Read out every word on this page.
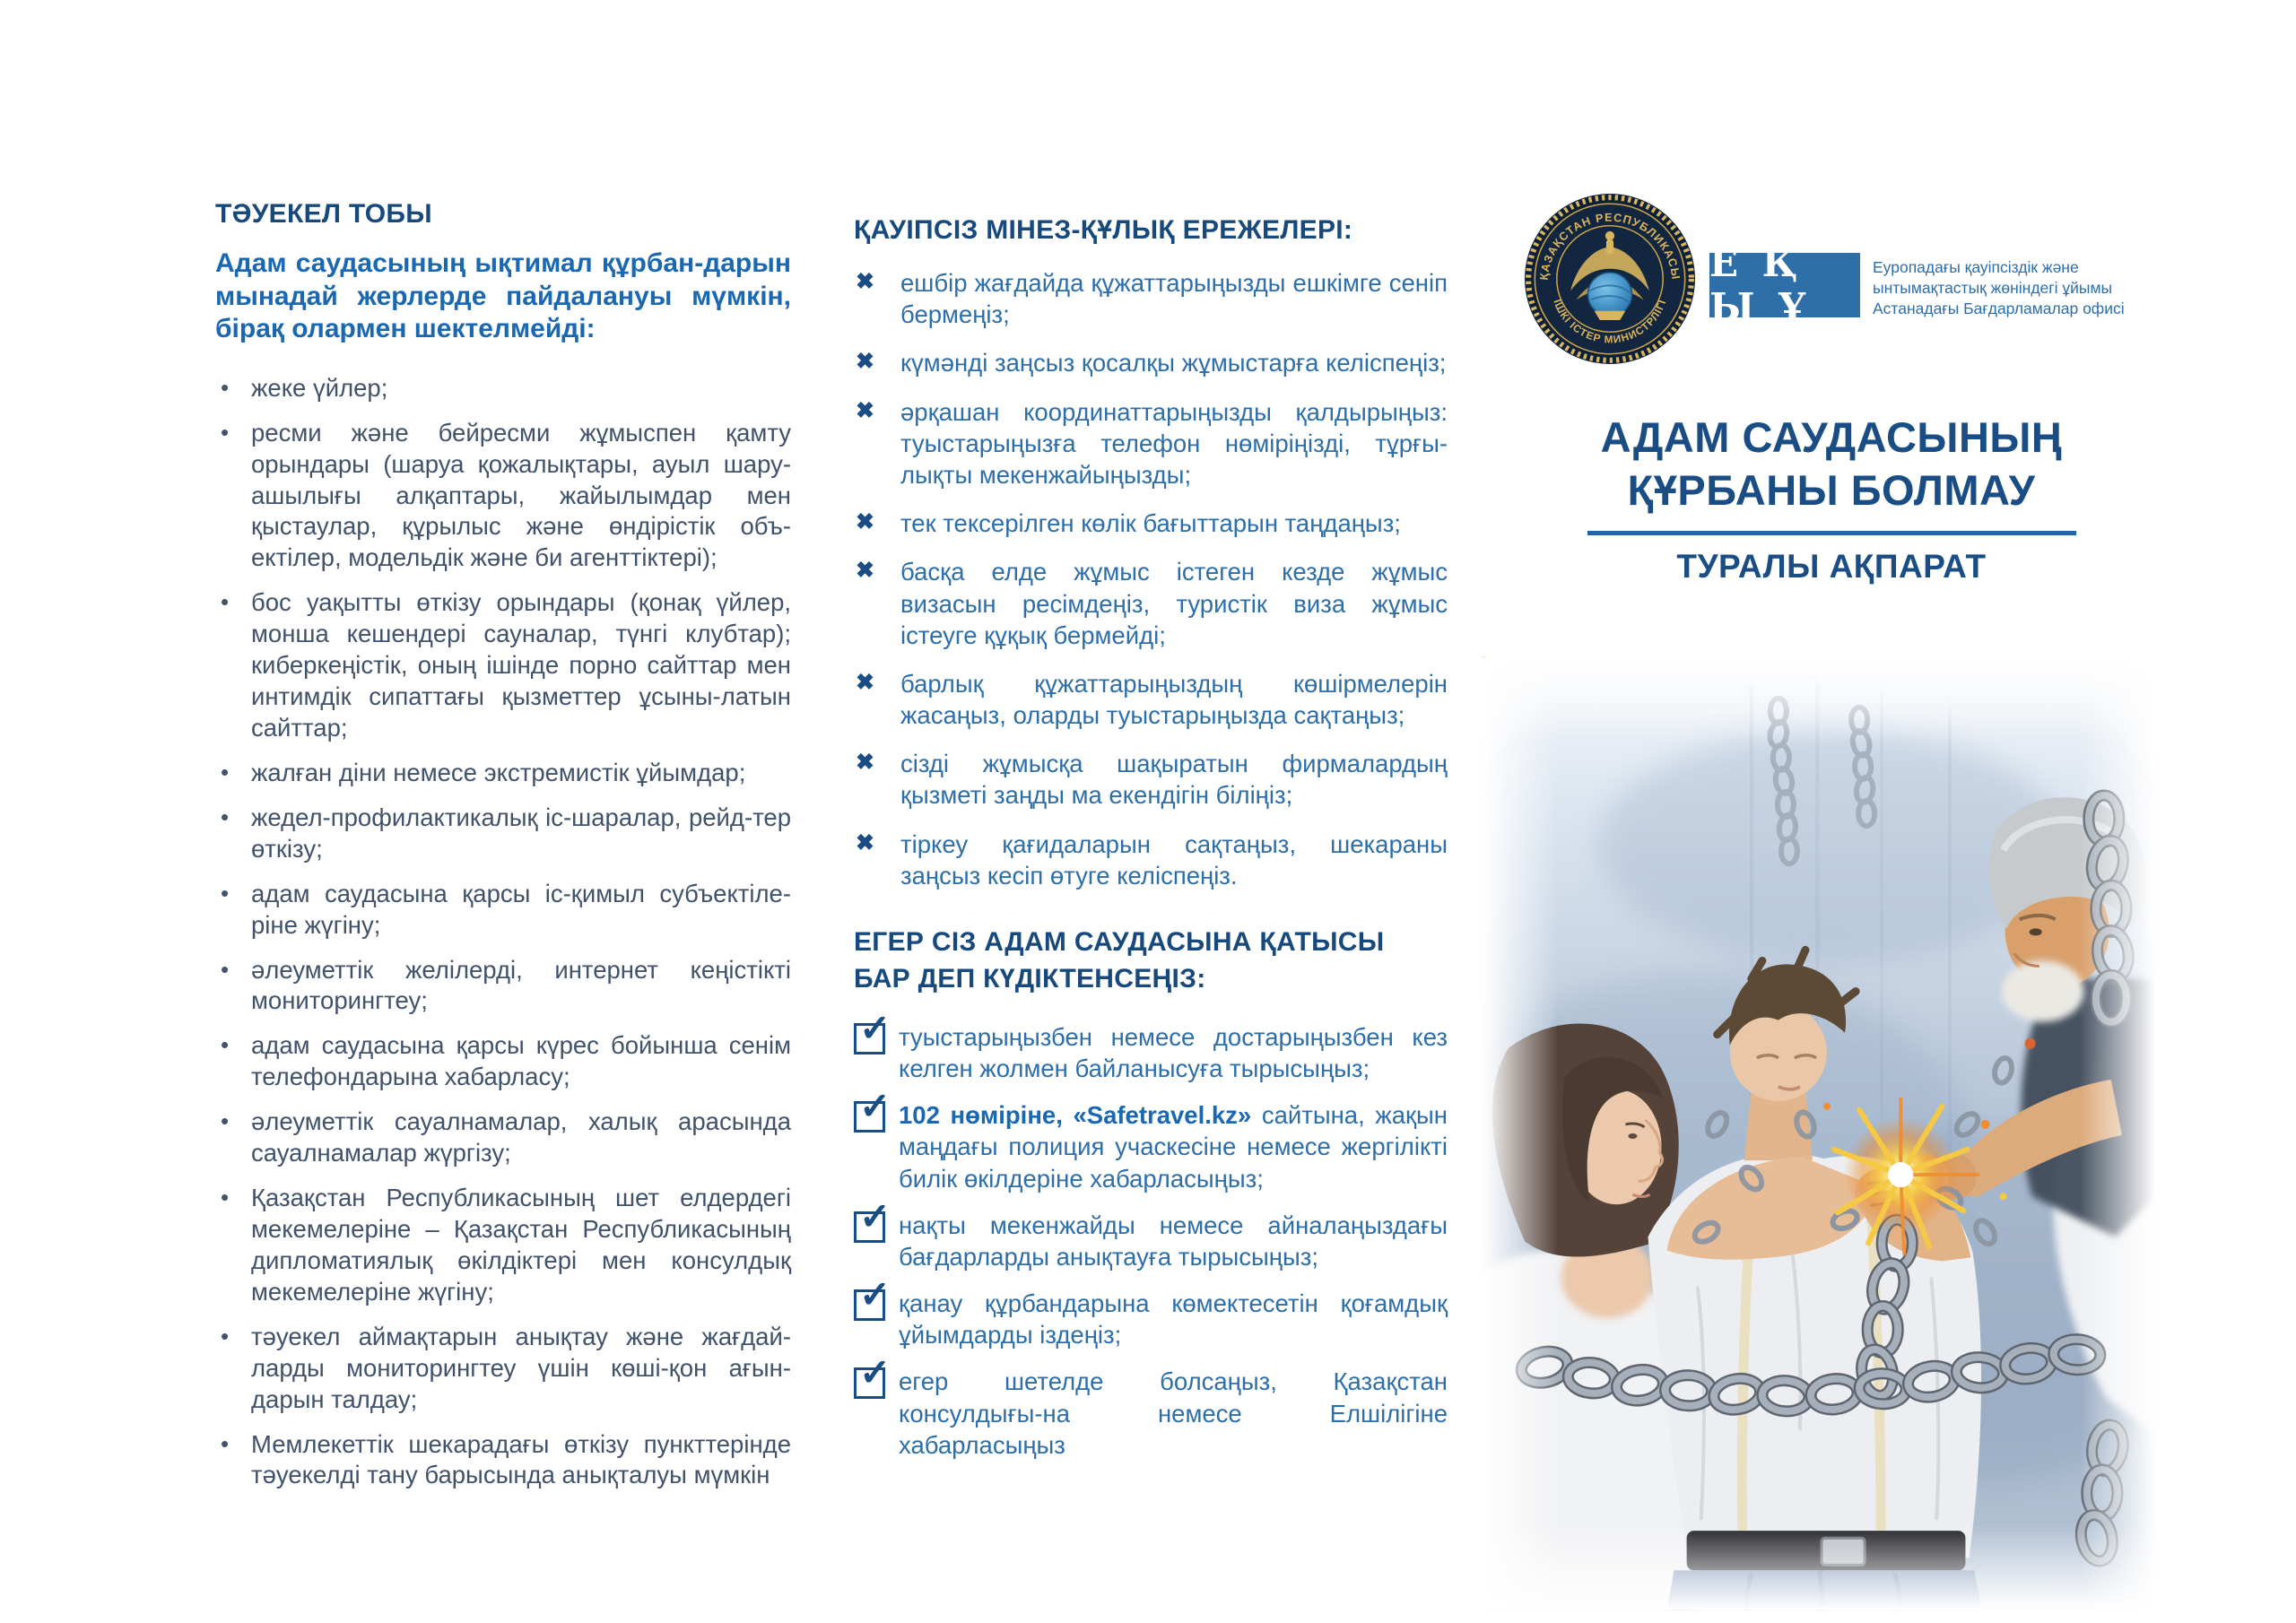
ТӘУЕКЕЛ ТОБЫ

Адам саудасының ықтимал құрбан-дарын мынадай жерлерде пайдалануы мүмкін, бірақ олармен шектелмейді:

• жеке үйлер;
• ресми және бейресми жұмыспен қамту орындары (шаруа қожалықтары, ауыл шару-ашылығы алқаптары, жайылымдар мен қыстаулар, құрылыс және өндірістік объ-ектілер, модельдік және би агенттіктері);
• бос уақытты өткізу орындары (қонақ үйлер, монша кешендері сауналар, түнгі клубтар); киберкеңістік, оның ішінде порно сайттар мен интимдік сипаттағы қызметтер ұсыны-латын сайттар;
• жалған діни немесе экстремистік ұйымдар;
• жедел-профилактикалық іс-шаралар, рейд-тер өткізу;
• адам саудасына қарсы іс-қимыл субъектіле-ріне жүгіну;
• әлеуметтік желілерді, интернет кеңістікті мониторингтеу;
• адам саудасына қарсы күрес бойынша сенім телефондарына хабарласу;
• әлеуметтік сауалнамалар, халық арасында сауалнамалар жүргізу;
• Қазақстан Республикасының шет елдердегі мекемелеріне – Қазақстан Республикасының дипломатиялық өкілдіктері мен консулдық мекемелеріне жүгіну;
• тәуекел аймақтарын анықтау және жағдай-ларды мониторингтеу үшін көші-қон ағын-дарын талдау;
• Мемлекеттік шекарадағы өткізу пункттерінде тәуекелді тану барысында анықталуы мүмкін
ҚАУІПСІЗ МІНЕЗ-ҚҰЛЫҚ ЕРЕЖЕЛЕРІ:
✖ ешбір жағдайда құжаттарыңызды ешкімге сеніп бермеңіз;
✖ күмәнді заңсыз қосалқы жұмыстарға келіспеңіз;
✖ әрқашан координаттарыңызды қалдырыңыз: туыстарыңызға телефон нөміріңізді, тұрғы-лықты мекенжайыңызды;
✖ тек тексерілген көлік бағыттарын таңдаңыз;
✖ басқа елде жұмыс істеген кезде жұмыс визасын ресімдеңіз, туристік виза жұмыс істеуге құқық бермейді;
✖ барлық құжаттарыңыздың көшірмелерін жасаңыз, оларды туыстарыңызда сақтаңыз;
✖ сізді жұмысқа шақыратын фирмалардың қызметі заңды ма екендігін біліңіз;
✖ тіркеу қағидаларын сақтаңыз, шекараны заңсыз кесіп өтуге келіспеңіз.
ЕГЕР СІЗ АДАМ САУДАСЫНА ҚАТЫСЫ БАР ДЕП КҮДІКТЕНСЕҢІЗ:
✓
туыстарыңызбен немесе достарыңызбен кез келген жолмен байланысуға тырысыңыз;
✓
102 нөміріне, «Safetravel.kz» сайтына, жақын маңдағы полиция учаскесіне немесе жергілікті билік өкілдеріне хабарласыңыз;
✓
нақты мекенжайды немесе айналаңыздағы бағдарларды анықтауға тырысыңыз;
✓
қанау құрбандарына көмектесетін қоғамдық ұйымдарды іздеңіз;
✓
егер шетелде болсаңыз, Қазақстан консулдығы-на немесе Елшілігіне хабарласыңыз
ҚАЗАҚСТАН РЕСПУБЛИКАСЫ
ІШКІ ІСТЕР МИНИСТРЛІГІ
Е Қ Ы Ұ
Еуропадағы қауіпсіздік және
ынтымақтастық жөніндегі ұйымы
Астанадағы Бағдарламалар офисі

АДАМ САУДАСЫНЫҢ

ҚҰРБАНЫ БОЛМАУ

ТУРАЛЫ АҚПАРАТ
